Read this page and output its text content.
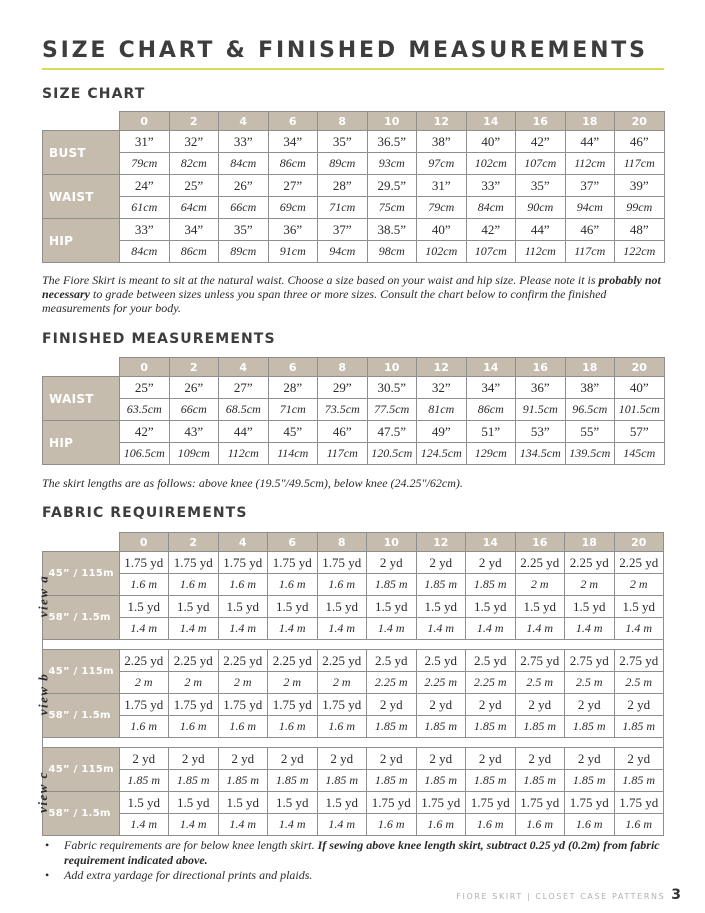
SIZE CHART & FINISHED MEASUREMENTS
SIZE CHART
	0	2	4	6	8	10	12	14	16	18	20
BUST	31”	32”	33”	34”	35”	36.5”	38”	40”	42”	44”	46”
	79cm	82cm	84cm	86cm	89cm	93cm	97cm	102cm	107cm	112cm	117cm
WAIST	24”	25”	26”	27”	28”	29.5”	31”	33”	35”	37”	39”
	61cm	64cm	66cm	69cm	71cm	75cm	79cm	84cm	90cm	94cm	99cm
HIP	33”	34”	35”	36”	37”	38.5”	40”	42”	44”	46”	48”
	84cm	86cm	89cm	91cm	94cm	98cm	102cm	107cm	112cm	117cm	122cm

The Fiore Skirt is meant to sit at the natural waist. Choose a size based on your waist and hip size. Please note it is probably not necessary to grade between sizes unless you span three or more sizes. Consult the chart below to confirm the finished measurements for your body.

FINISHED MEASUREMENTS
	0	2	4	6	8	10	12	14	16	18	20
WAIST	25”	26”	27”	28”	29”	30.5”	32”	34”	36”	38”	40”
	63.5cm	66cm	68.5cm	71cm	73.5cm	77.5cm	81cm	86cm	91.5cm	96.5cm	101.5cm
HIP	42”	43”	44”	45”	46”	47.5”	49”	51”	53”	55”	57”
	106.5cm	109cm	112cm	114cm	117cm	120.5cm	124.5cm	129cm	134.5cm	139.5cm	145cm

The skirt lengths are as follows: above knee (19.5"/49.5cm), below knee (24.25"/62cm).

FABRIC REQUIREMENTS
		0	2	4	6	8	10	12	14	16	18	20
view a	45” / 115m	1.75 yd	1.75 yd	1.75 yd	1.75 yd	1.75 yd	2 yd	2 yd	2 yd	2.25 yd	2.25 yd	2.25 yd
		1.6 m	1.6 m	1.6 m	1.6 m	1.6 m	1.85 m	1.85 m	1.85 m	2 m	2 m	2 m
	58” / 1.5m	1.5 yd	1.5 yd	1.5 yd	1.5 yd	1.5 yd	1.5 yd	1.5 yd	1.5 yd	1.5 yd	1.5 yd	1.5 yd
		1.4 m	1.4 m	1.4 m	1.4 m	1.4 m	1.4 m	1.4 m	1.4 m	1.4 m	1.4 m	1.4 m

view b	45” / 115m	2.25 yd	2.25 yd	2.25 yd	2.25 yd	2.25 yd	2.5 yd	2.5 yd	2.5 yd	2.75 yd	2.75 yd	2.75 yd
		2 m	2 m	2 m	2 m	2 m	2.25 m	2.25 m	2.25 m	2.5 m	2.5 m	2.5 m
	58” / 1.5m	1.75 yd	1.75 yd	1.75 yd	1.75 yd	1.75 yd	2 yd	2 yd	2 yd	2 yd	2 yd	2 yd
		1.6 m	1.6 m	1.6 m	1.6 m	1.6 m	1.85 m	1.85 m	1.85 m	1.85 m	1.85 m	1.85 m

view c	45” / 115m	2 yd	2 yd	2 yd	2 yd	2 yd	2 yd	2 yd	2 yd	2 yd	2 yd	2 yd
		1.85 m	1.85 m	1.85 m	1.85 m	1.85 m	1.85 m	1.85 m	1.85 m	1.85 m	1.85 m	1.85 m
	58” / 1.5m	1.5 yd	1.5 yd	1.5 yd	1.5 yd	1.5 yd	1.75 yd	1.75 yd	1.75 yd	1.75 yd	1.75 yd	1.75 yd
		1.4 m	1.4 m	1.4 m	1.4 m	1.4 m	1.6 m	1.6 m	1.6 m	1.6 m	1.6 m	1.6 m
• Fabric requirements are for below knee length skirt. If sewing above knee length skirt, subtract 0.25 yd (0.2m) from fabric requirement indicated above.
• Add extra yardage for directional prints and plaids.
FIORE SKIRT | CLOSET CASE PATTERNS 3
